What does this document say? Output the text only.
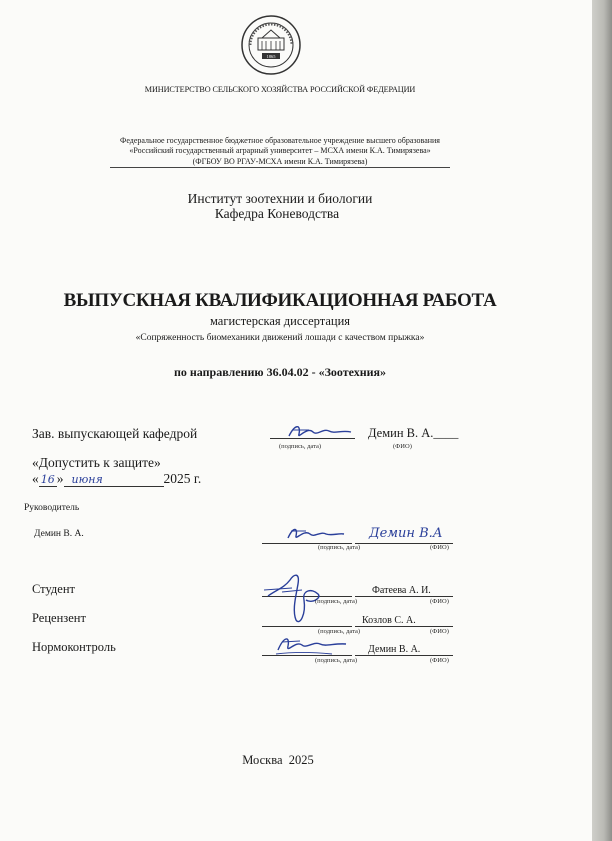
1865
МИНИСТЕРСТВО СЕЛЬСКОГО ХОЗЯЙСТВА РОССИЙСКОЙ ФЕДЕРАЦИИ
Федеральное государственное бюджетное образовательное учреждение высшего образования
«Российский государственный аграрный университет – МСХА имени К.А. Тимирязева»
(ФГБОУ ВО РГАУ-МСХА имени К.А. Тимирязева)
Институт зоотехнии и биологии
Кафедра Коневодства
ВЫПУСКНАЯ КВАЛИФИКАЦИОННАЯ РАБОТА
магистерская диссертация
«Сопряженность биомеханики движений лошади с качеством прыжка»
по направлению 36.04.02 - «Зоотехния»
Зав. выпускающей кафедрой	Демин В. А.____
(подпись, дата)	(ФИО)
«Допустить к защите»
« 16 » июня	2025 г.
Руководитель
Демин В. А.	Демин В.А
(подпись, дата)	(ФИО)
Студент	Фатеева А. И.
(подпись, дата)	(ФИО)
Рецензент	Козлов С. А.
(подпись, дата)	(ФИО)
Нормоконтроль	Демин В. А.
(подпись, дата)	(ФИО)
Москва  2025
